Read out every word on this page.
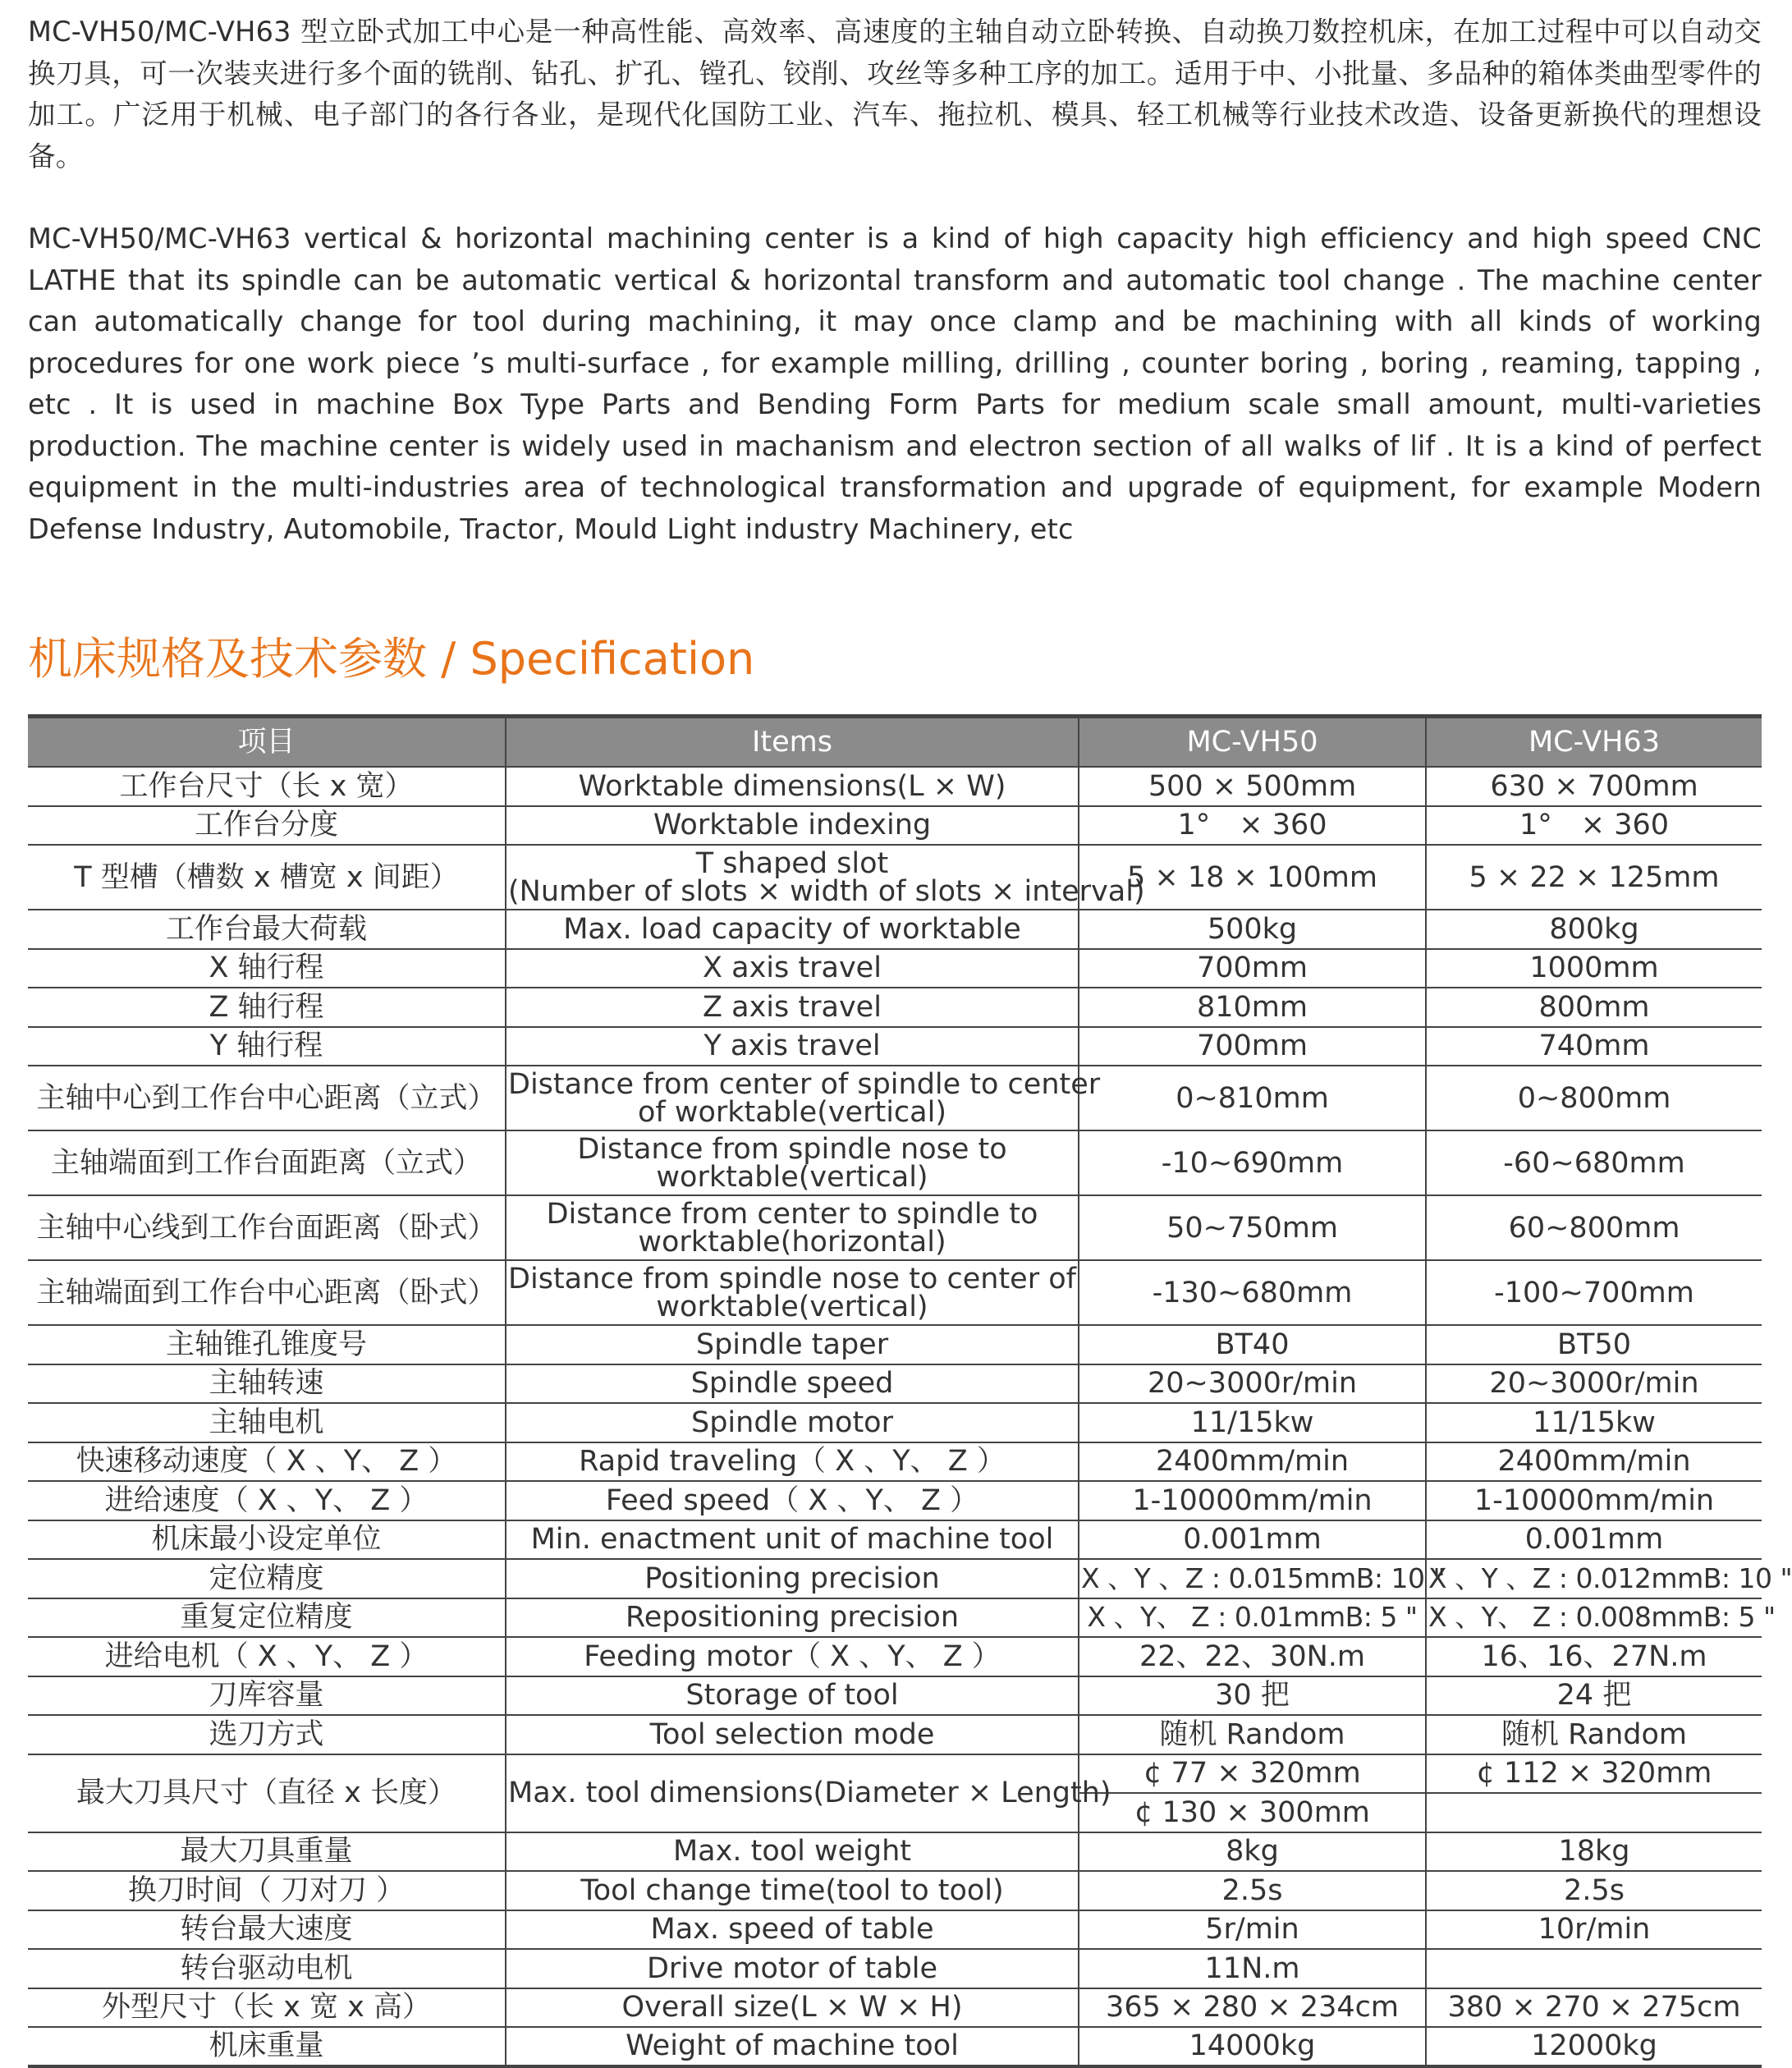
MC-VH50/MC-VH63 型立卧式加工中心是一种高性能、高效率、高速度的主轴自动立卧转换、自动换刀数控机床，在加工过程中可以自动交换刀具，可一次装夹进行多个面的铣削、钻孔、扩孔、镗孔、铰削、攻丝等多种工序的加工。适用于中、小批量、多品种的箱体类曲型零件的加工。广泛用于机械、电子部门的各行各业，是现代化国防工业、汽车、拖拉机、模具、轻工机械等行业技术改造、设备更新换代的理想设备。

MC-VH50/MC-VH63 vertical & horizontal machining center is a kind of high capacity high efficiency and high speed CNC LATHE that its spindle can be automatic vertical & horizontal transform and automatic tool change . The machine center can automatically change for tool during machining, it may once clamp and be machining with all kinds of working procedures for one work piece ’s multi-surface , for example milling, drilling , counter boring , boring , reaming, tapping , etc . It is used in machine Box Type Parts and Bending Form Parts for medium scale small amount, multi-varieties production. The machine center is widely used in machanism and electron section of all walks of lif . It is a kind of perfect equipment in the multi-industries area of technological transformation and upgrade of equipment, for example Modern Defense Industry, Automobile, Tractor, Mould Light industry Machinery, etc

机床规格及技术参数 / Specification
项目	Items	MC-VH50	MC-VH63
工作台尺寸（长 x 宽）	Worktable dimensions(L × W)	500 × 500mm	630 × 700mm
工作台分度	Worktable indexing	1°　× 360	1°　× 360
T 型槽（槽数 x 槽宽 x 间距）	T shaped slot
(Number of slots × width of slots × interval)	5 × 18 × 100mm	5 × 22 × 125mm
工作台最大荷载	Max. load capacity of worktable	500kg	800kg
X 轴行程	X axis travel	700mm	1000mm
Z 轴行程	Z axis travel	810mm	800mm
Y 轴行程	Y axis travel	700mm	740mm
主轴中心到工作台中心距离（立式）	Distance from center of spindle to center
of worktable(vertical)	0~810mm	0~800mm
主轴端面到工作台面距离（立式）	Distance from spindle nose to
worktable(vertical)	-10~690mm	-60~680mm
主轴中心线到工作台面距离（卧式）	Distance from center to spindle to
worktable(horizontal)	50~750mm	60~800mm
主轴端面到工作台中心距离（卧式）	Distance from spindle nose to center of
worktable(vertical)	-130~680mm	-100~700mm
主轴锥孔锥度号	Spindle taper	BT40	BT50
主轴转速	Spindle speed	20~3000r/min	20~3000r/min
主轴电机	Spindle motor	11/15kw	11/15kw
快速移动速度（ X 、Y、 Z ）	Rapid traveling（ X 、Y、 Z ）	2400mm/min	2400mm/min
进给速度（ X 、Y、 Z ）	Feed speed（ X 、Y、 Z ）	1-10000mm/min	1-10000mm/min
机床最小设定单位	Min. enactment unit of machine tool	0.001mm	0.001mm
定位精度	Positioning precision	X 、Y 、Z : 0.015mmB: 10 "	X 、Y 、Z : 0.012mmB: 10 "
重复定位精度	Repositioning precision	X 、Y、 Z : 0.01mmB: 5 "	X 、Y、 Z : 0.008mmB: 5 "
进给电机（ X 、Y、 Z ）	Feeding motor（ X 、Y、 Z ）	22、22、30N.m	16、16、27N.m
刀库容量	Storage of tool	30 把	24 把
选刀方式	Tool selection mode	随机 Random	随机 Random
最大刀具尺寸（直径 x 长度）	Max. tool dimensions(Diameter × Length)	¢ 77 × 320mm	¢ 112 × 320mm
		¢ 130 × 300mm	
最大刀具重量	Max. tool weight	8kg	18kg
换刀时间（ 刀对刀 ）	Tool change time(tool to tool)	2.5s	2.5s
转台最大速度	Max. speed of table	5r/min	10r/min
转台驱动电机	Drive motor of table	11N.m	
外型尺寸（长 x 宽 x 高）	Overall size(L × W × H)	365 × 280 × 234cm	380 × 270 × 275cm
机床重量	Weight of machine tool	14000kg	12000kg
